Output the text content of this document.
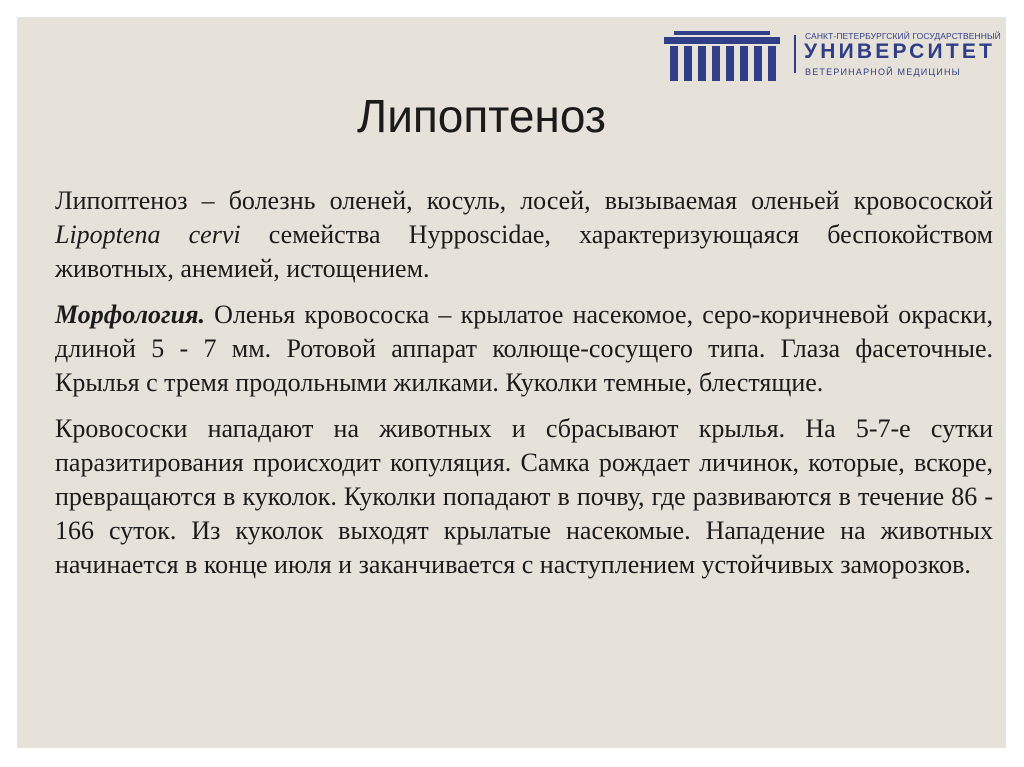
САНКТ-ПЕТЕРБУРГСКИЙ ГОСУДАРСТВЕННЫЙ
УНИВЕРСИТЕТ
ВЕТЕРИНАРНОЙ МЕДИЦИНЫ
Липоптеноз

Липоптеноз – болезнь оленей, косуль, лосей, вызываемая оленьей кровосоской Lipoptena cervi семейства Hypposcidae, характеризующаяся беспокойством животных, анемией, истощением.

Морфология. Оленья кровососка – крылатое насекомое, серо-коричневой окраски, длиной 5 - 7 мм. Ротовой аппарат колюще-сосущего типа. Глаза фасеточные. Крылья с тремя продольными жилками. Куколки темные, блестящие.

Кровососки нападают на животных и сбрасывают крылья. На 5-7-е сутки паразитирования происходит копуляция. Самка рождает личинок, которые, вскоре, превращаются в куколок. Куколки попадают в почву, где развиваются в течение 86 - 166 суток. Из куколок выходят крылатые насекомые. Нападение на животных начинается в конце июля и заканчивается с наступлением устойчивых заморозков.
